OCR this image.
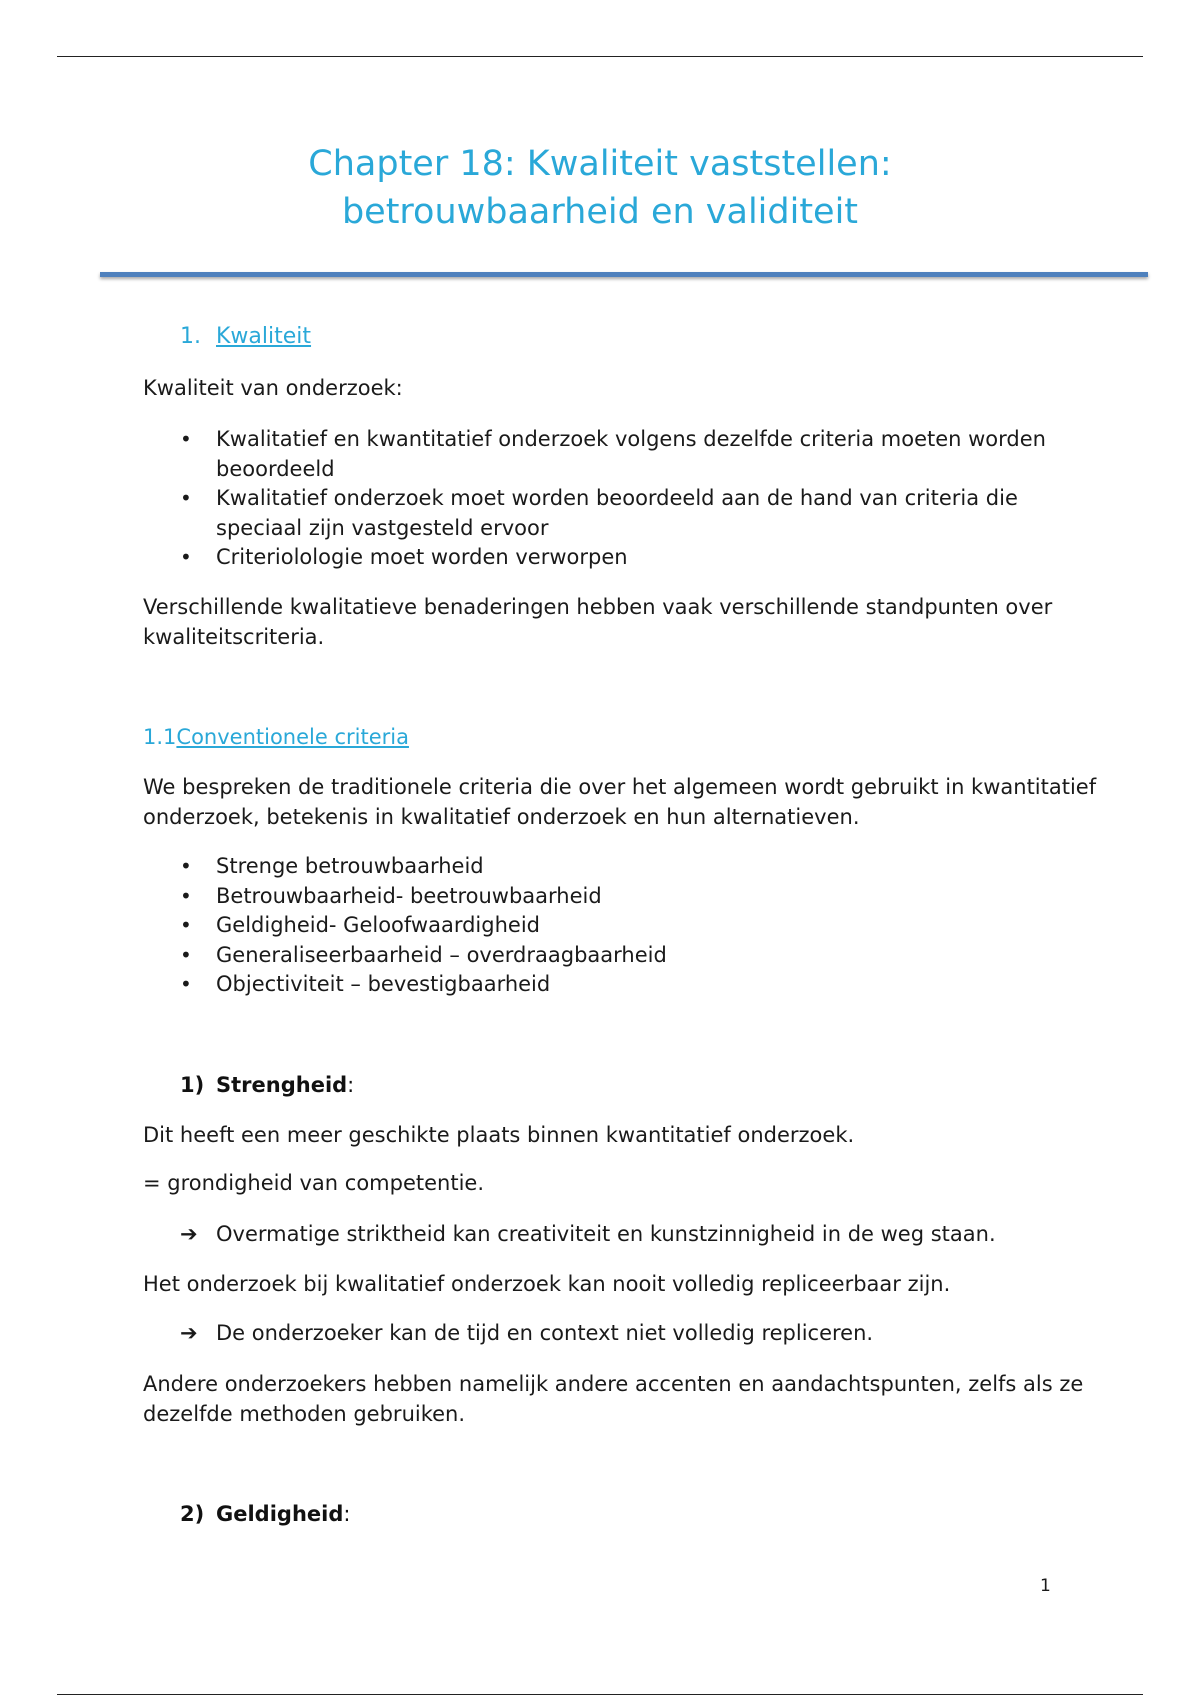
Chapter 18: Kwaliteit vaststellen:
betrouwbaarheid en validiteit
1. Kwaliteit

Kwaliteit van onderzoek:

• Kwalitatief en kwantitatief onderzoek volgens dezelfde criteria moeten worden beoordeeld
• Kwalitatief onderzoek moet worden beoordeeld aan de hand van criteria die speciaal zijn vastgesteld ervoor
• Criteriolologie moet worden verworpen

Verschillende kwalitatieve benaderingen hebben vaak verschillende standpunten over kwaliteitscriteria.

1.1Conventionele criteria

We bespreken de traditionele criteria die over het algemeen wordt gebruikt in kwantitatief onderzoek, betekenis in kwalitatief onderzoek en hun alternatieven.

• Strenge betrouwbaarheid
• Betrouwbaarheid- beetrouwbaarheid
• Geldigheid- Geloofwaardigheid
• Generaliseerbaarheid – overdraagbaarheid
• Objectiviteit – bevestigbaarheid
1) Strengheid:

Dit heeft een meer geschikte plaats binnen kwantitatief onderzoek.

= grondigheid van competentie.

➔ Overmatige striktheid kan creativiteit en kunstzinnigheid in de weg staan.

Het onderzoek bij kwalitatief onderzoek kan nooit volledig repliceerbaar zijn.

➔ De onderzoeker kan de tijd en context niet volledig repliceren.

Andere onderzoekers hebben namelijk andere accenten en aandachtspunten, zelfs als ze dezelfde methoden gebruiken.

2) Geldigheid:
1
